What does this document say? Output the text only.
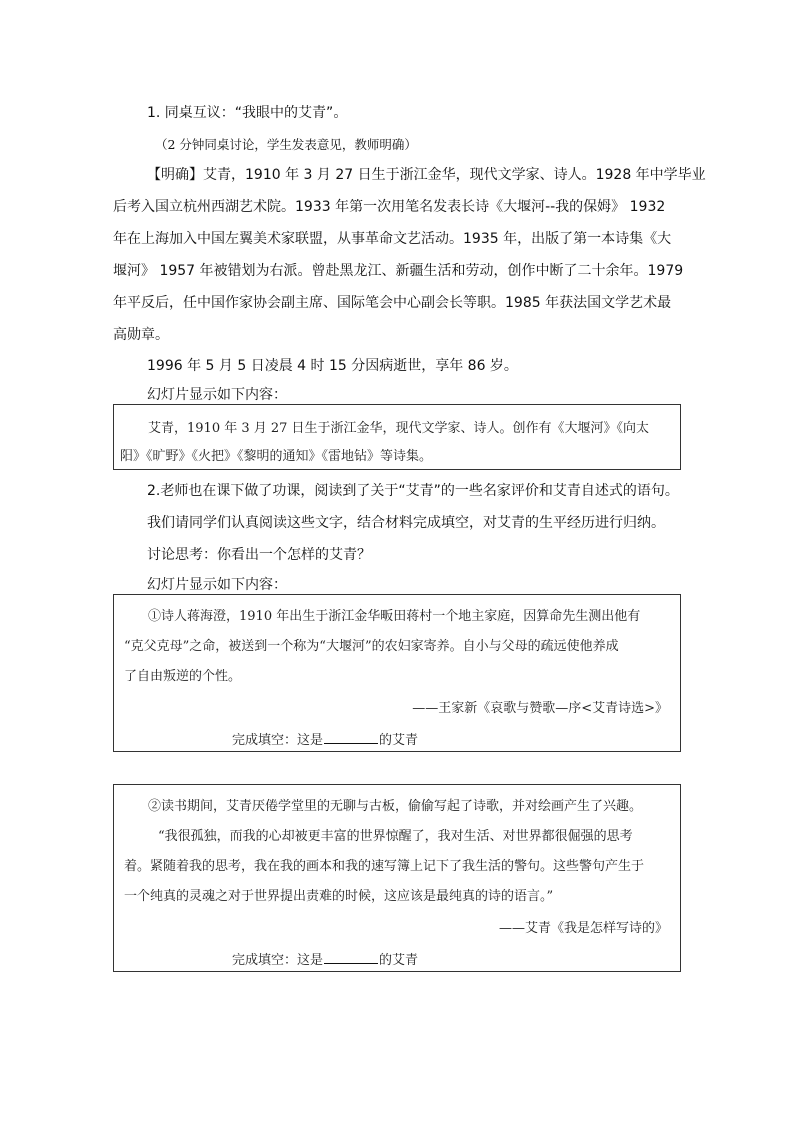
1. 同桌互议：“我眼中的艾青”。
（2 分钟同桌讨论，学生发表意见，教师明确）
【明确】艾青，1910 年 3 月 27 日生于浙江金华，现代文学家、诗人。1928 年中学毕业
后考入国立杭州西湖艺术院。1933 年第一次用笔名发表长诗《大堰河--我的保姆》 1932
年在上海加入中国左翼美术家联盟，从事革命文艺活动。1935 年，出版了第一本诗集《大
堰河》 1957 年被错划为右派。曾赴黑龙江、新疆生活和劳动，创作中断了二十余年。1979
年平反后，任中国作家协会副主席、国际笔会中心副会长等职。1985 年获法国文学艺术最
高勋章。
1996 年 5 月 5 日凌晨 4 时 15 分因病逝世，享年 86 岁。
幻灯片显示如下内容：
艾青，1910 年 3 月 27 日生于浙江金华，现代文学家、诗人。创作有《大堰河》《向太
阳》《旷野》《火把》《黎明的通知》《雷地钻》等诗集。
2.老师也在课下做了功课，阅读到了关于“艾青”的一些名家评价和艾青自述式的语句。
我们请同学们认真阅读这些文字，结合材料完成填空，对艾青的生平经历进行归纳。
讨论思考：你看出一个怎样的艾青？
幻灯片显示如下内容：
①诗人蒋海澄，1910 年出生于浙江金华畈田蒋村一个地主家庭，因算命先生测出他有
“克父克母”之命，被送到一个称为“大堰河”的农妇家寄养。自小与父母的疏远使他养成
了自由叛逆的个性。
——王家新《哀歌与赞歌—序<艾青诗选>》
完成填空：这是	的艾青
②读书期间，艾青厌倦学堂里的无聊与古板，偷偷写起了诗歌，并对绘画产生了兴趣。
“我很孤独，而我的心却被更丰富的世界惊醒了，我对生活、对世界都很倔强的思考
着。紧随着我的思考，我在我的画本和我的速写簿上记下了我生活的警句。这些警句产生于
一个纯真的灵魂之对于世界提出责难的时候，这应该是最纯真的诗的语言。”
——艾青《我是怎样写诗的》
完成填空：这是	的艾青
